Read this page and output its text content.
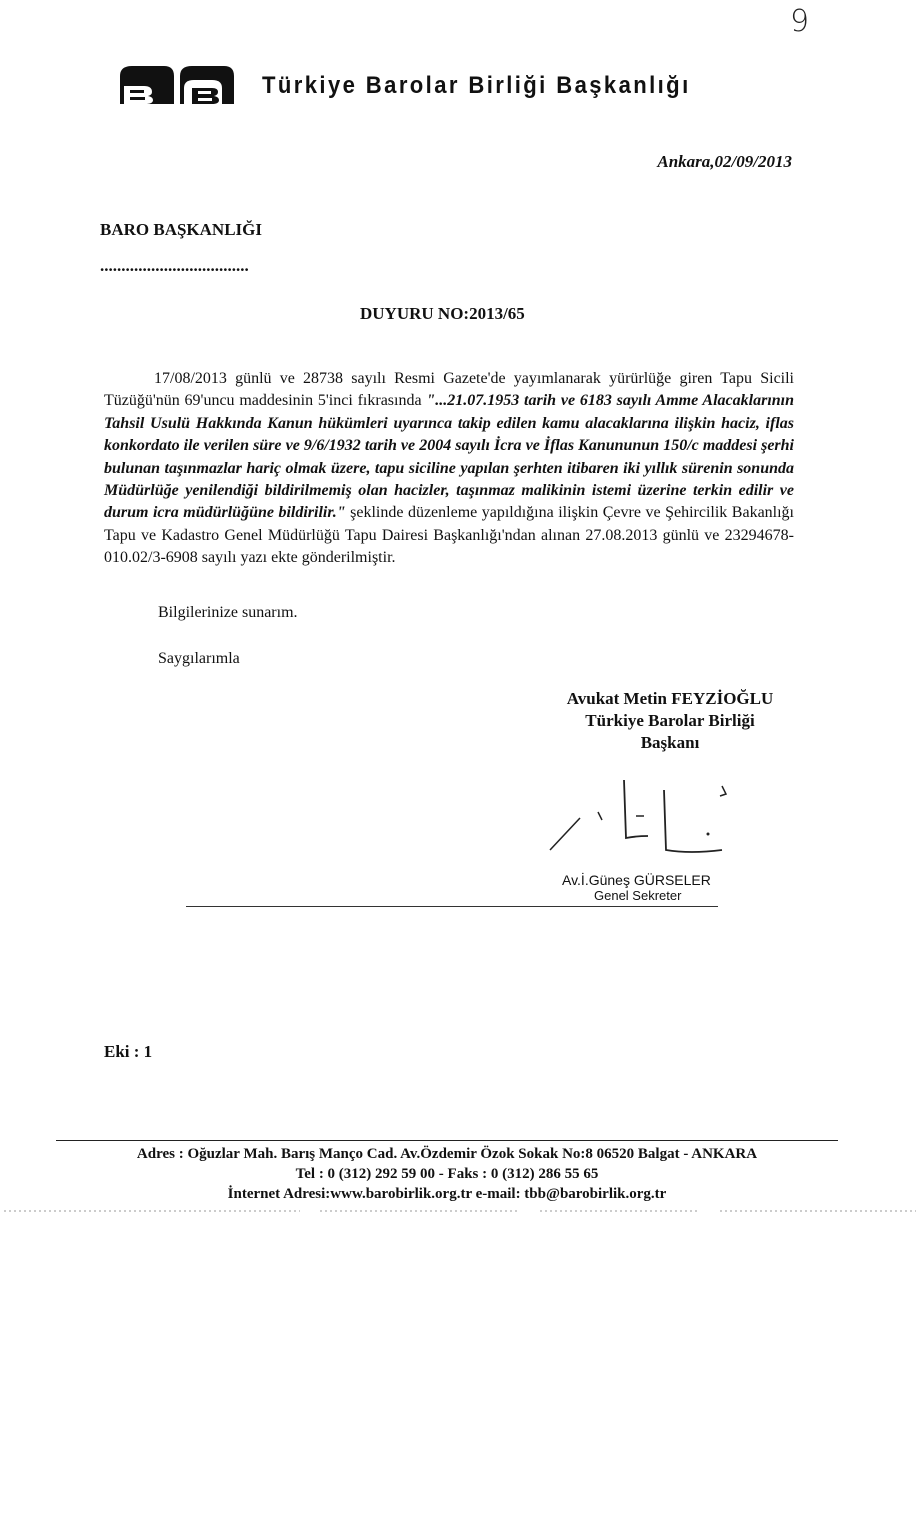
9
Türkiye Barolar Birliği Başkanlığı
Ankara,02/09/2013
BARO BAŞKANLIĞI
...................................
DUYURU NO:2013/65
17/08/2013 günlü ve 28738 sayılı Resmi Gazete'de yayımlanarak yürürlüğe giren Tapu Sicili Tüzüğü'nün 69'uncu maddesinin 5'inci fıkrasında "...21.07.1953 tarih ve 6183 sayılı Amme Alacaklarının Tahsil Usulü Hakkında Kanun hükümleri uyarınca takip edilen kamu alacaklarına ilişkin haciz, iflas konkordato ile verilen süre ve 9/6/1932 tarih ve 2004 sayılı İcra ve İflas Kanununun 150/c maddesi şerhi bulunan taşınmazlar hariç olmak üzere, tapu siciline yapılan şerhten itibaren iki yıllık sürenin sonunda Müdürlüğe yenilendiği bildirilmemiş olan hacizler, taşınmaz malikinin istemi üzerine terkin edilir ve durum icra müdürlüğüne bildirilir." şeklinde düzenleme yapıldığına ilişkin Çevre ve Şehircilik Bakanlığı Tapu ve Kadastro Genel Müdürlüğü Tapu Dairesi Başkanlığı'ndan alınan 27.08.2013 günlü ve 23294678-010.02/3-6908 sayılı yazı ekte gönderilmiştir.
Bilgilerinize sunarım.
Saygılarımla
Avukat Metin FEYZİOĞLU
Türkiye Barolar Birliği
Başkanı
Av.İ.Güneş GÜRSELER
Genel Sekreter
Eki : 1
Adres : Oğuzlar Mah. Barış Manço Cad. Av.Özdemir Özok Sokak No:8 06520 Balgat - ANKARA
Tel : 0 (312) 292 59 00 - Faks : 0 (312) 286 55 65
İnternet Adresi:www.barobirlik.org.tr e-mail: tbb@barobirlik.org.tr
